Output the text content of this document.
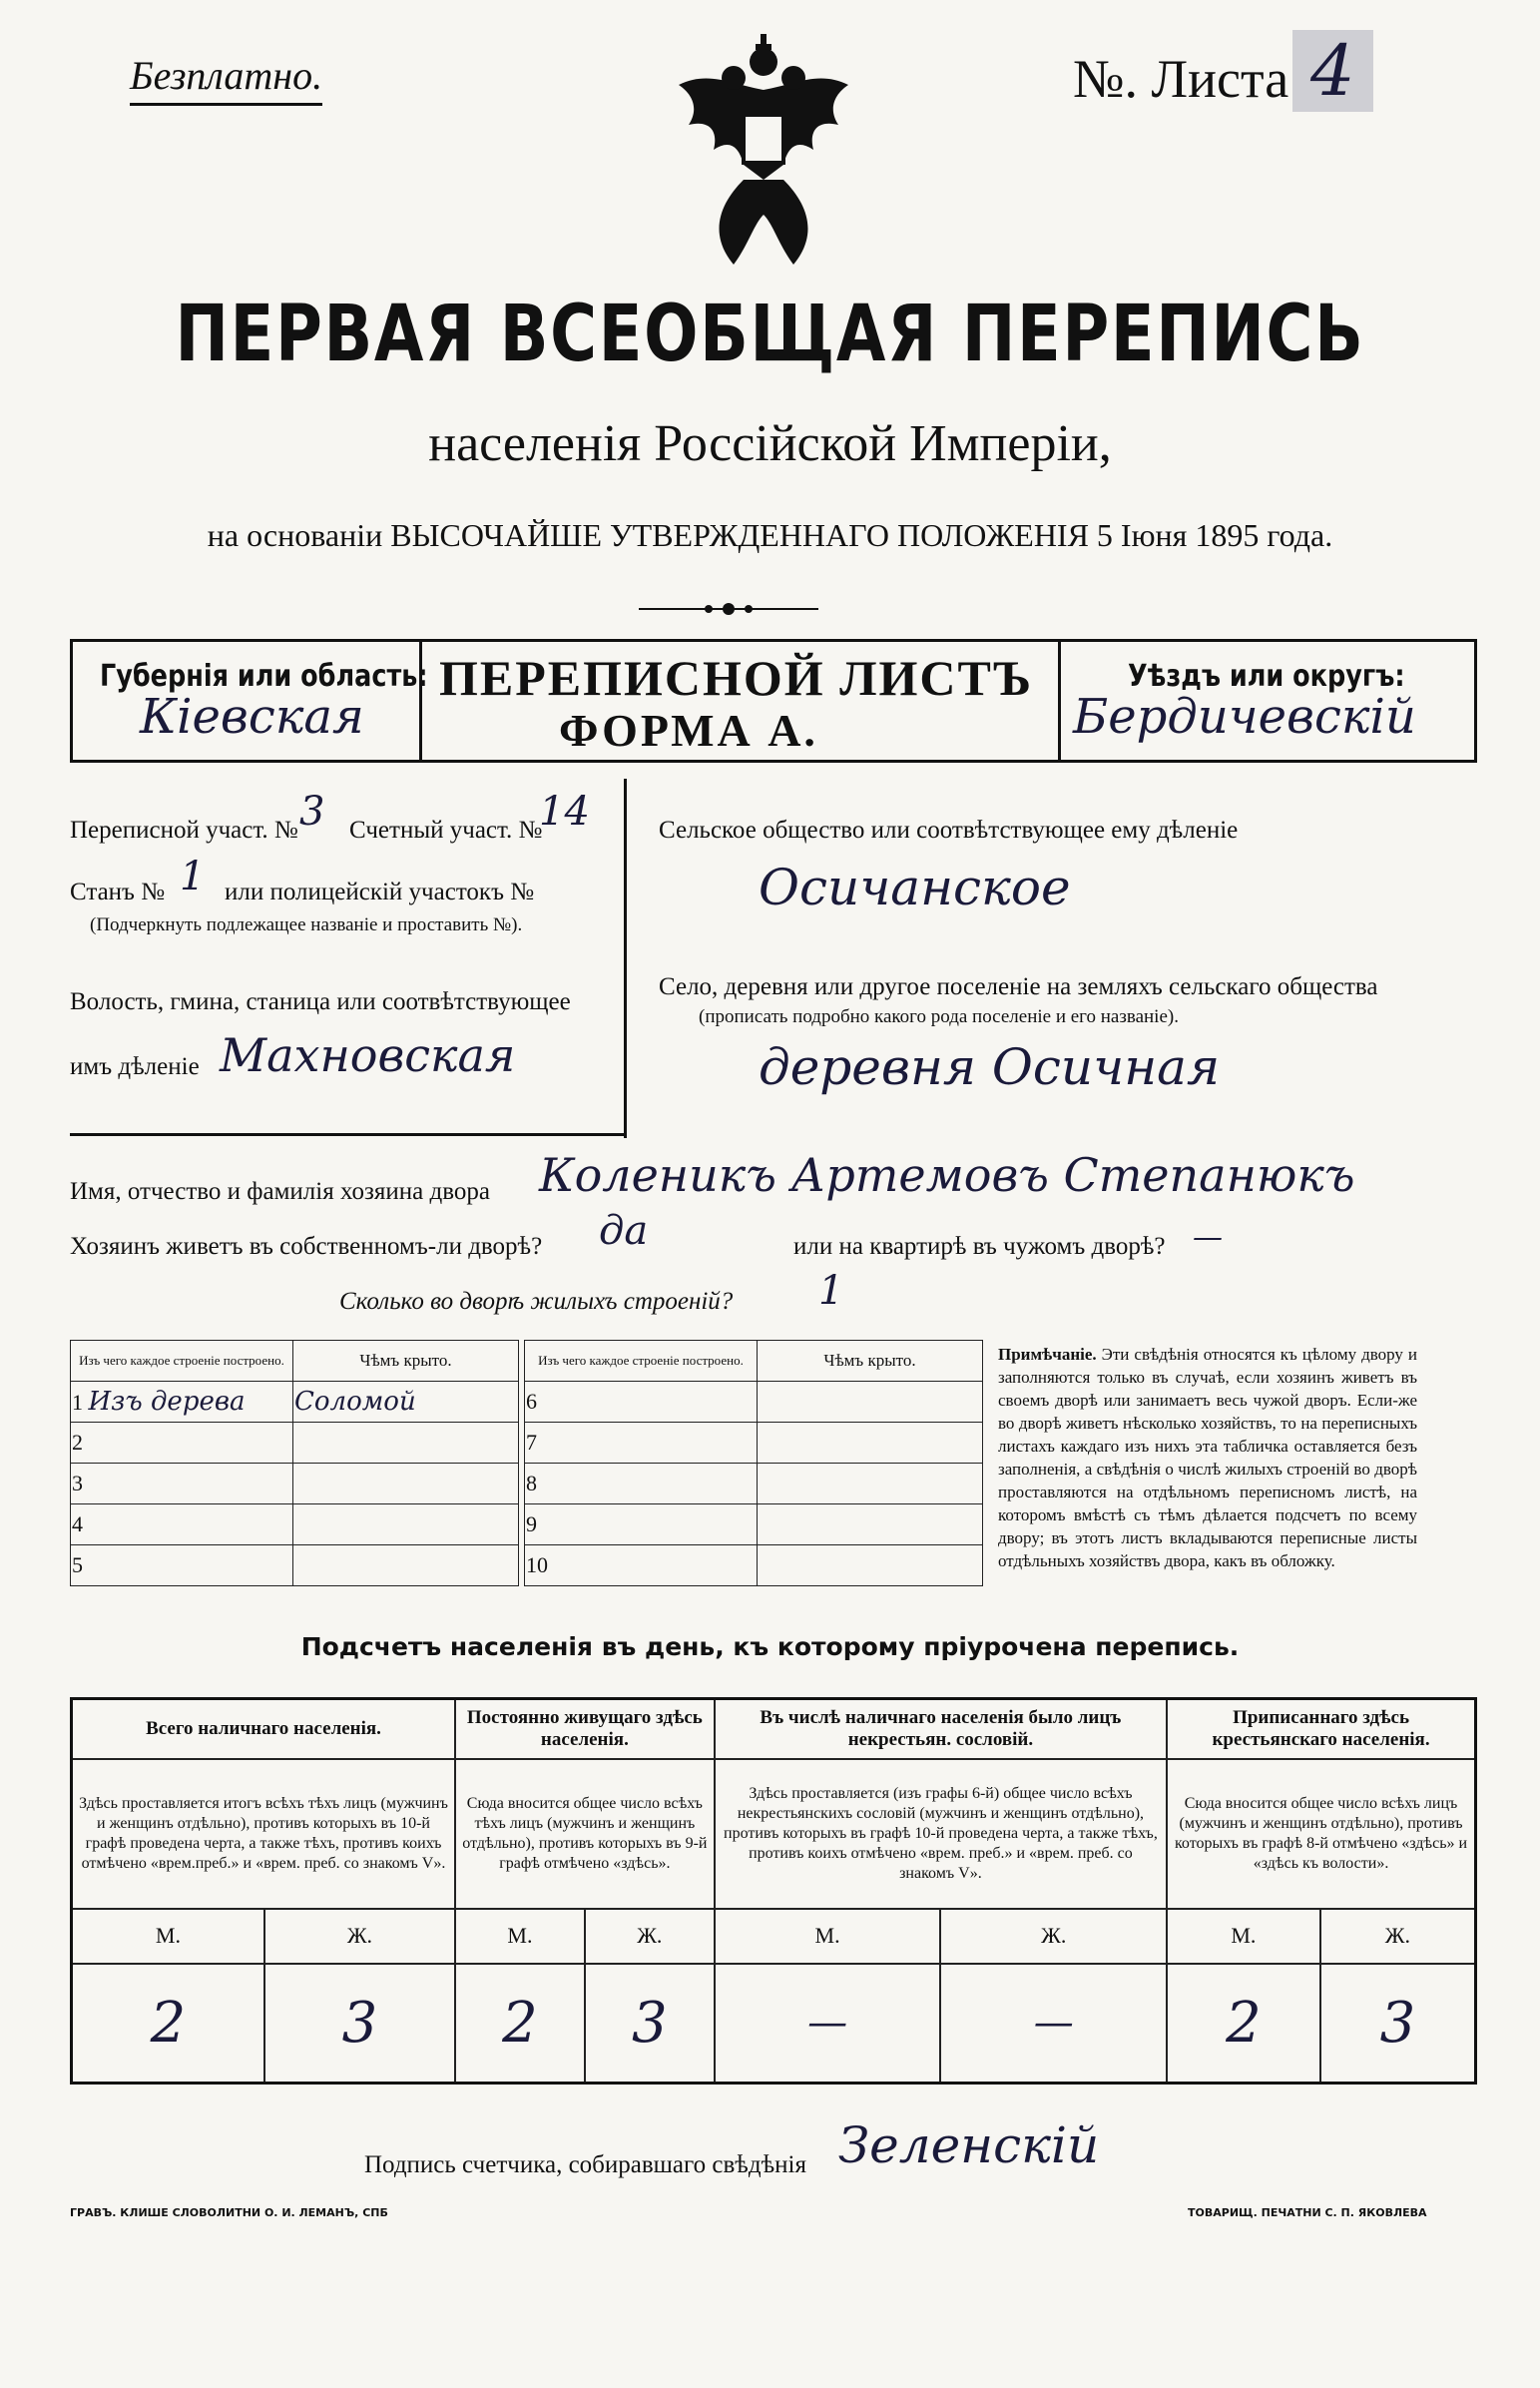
Безплатно.	№. Листа 4
ПЕРВАЯ ВСЕОБЩАЯ ПЕРЕПИСЬ
населенія Россійской Имперіи,
на основаніи ВЫСОЧАЙШЕ УТВЕРЖДЕННАГО ПОЛОЖЕНІЯ 5 Іюня 1895 года.
Губернія или область:
Кіевская
ПЕРЕПИСНОЙ ЛИСТЪ
ФОРМА А.
Уѣздъ или округъ:
Бердичевскій
Переписной участ. № 3 Счетный участ. №
14
Станъ № 1 или полицейскій участокъ №
(Подчеркнуть подлежащее названіе и проставить №).
Волость, гмина, станица или соотвѣтствующее
имъ дѣленіе Махновская
Сельское общество или соотвѣтствующее ему дѣленіе
Осичанское
Село, деревня или другое поселеніе на земляхъ сельскаго общества
(прописать подробно какого рода поселеніе и его названіе).
деревня Осичная
Имя, отчество и фамилія хозяина двора Коленикъ Артемовъ Степанюкъ
Хозяинъ живетъ въ собственномъ-ли дворѣ? да	или на квартирѣ въ чужомъ дворѣ? —
Сколько во дворѣ жилыхъ строеній? 1
Изъ чего каждое строеніе построено.	Чѣмъ крыто.
1 Изъ дерева	Соломой
2	
3	
4	
5	
Изъ чего каждое строеніе построено.	Чѣмъ крыто.
6	
7	
8	
9	
10	
Примѣчаніе. Эти свѣдѣнія относятся къ цѣлому двору и заполняются только въ случаѣ, если хозяинъ живетъ въ своемъ дворѣ или занимаетъ весь чужой дворъ. Если-же во дворѣ живетъ нѣсколько хозяйствъ, то на переписныхъ листахъ каждаго изъ нихъ эта табличка оставляется безъ заполненія, а свѣдѣнія о числѣ жилыхъ строеній во дворѣ проставляются на отдѣльномъ переписномъ листѣ, на которомъ вмѣстѣ съ тѣмъ дѣлается подсчетъ по всему двору; въ этотъ листъ вкладываются переписные листы отдѣльныхъ хозяйствъ двора, какъ въ обложку.
Подсчетъ населенія въ день, къ которому пріурочена перепись.
Всего наличнаго населенія.		Постоянно живущаго здѣсь населенія.		Въ числѣ наличнаго населенія было лицъ некрестьян. сословій.		Приписаннаго здѣсь крестьянскаго населенія.	
Здѣсь проставляется итогъ всѣхъ тѣхъ лицъ (мужчинъ и женщинъ отдѣльно), противъ которыхъ въ 10-й графѣ проведена черта, а также тѣхъ, противъ коихъ отмѣчено «врем.преб.» и «врем. преб. со знакомъ V».		Сюда вносится общее число всѣхъ тѣхъ лицъ (мужчинъ и женщинъ отдѣльно), противъ которыхъ въ 9-й графѣ отмѣчено «здѣсь».		Здѣсь проставляется (изъ графы 6-й) общее число всѣхъ некрестьянскихъ сословій (мужчинъ и женщинъ отдѣльно), противъ которыхъ въ графѣ 10-й проведена черта, а также тѣхъ, противъ коихъ отмѣчено «врем. преб.» и «врем. преб. со знакомъ V».		Сюда вносится общее число всѣхъ лицъ (мужчинъ и женщинъ отдѣльно), противъ которыхъ въ графѣ 8-й отмѣчено «здѣсь» и «здѣсь къ волости».	
М.	Ж.	М.	Ж.	М.	Ж.	М.	Ж.
2	3	2	3	—	—	2	3
Подпись счетчика, собиравшаго свѣдѣнія Зеленскій
ГРАВЪ. КЛИШЕ СЛОВОЛИТНИ О. И. ЛЕМАНЪ, СПБ	ТОВАРИЩ. ПЕЧАТНИ С. П. ЯКОВЛЕВА
